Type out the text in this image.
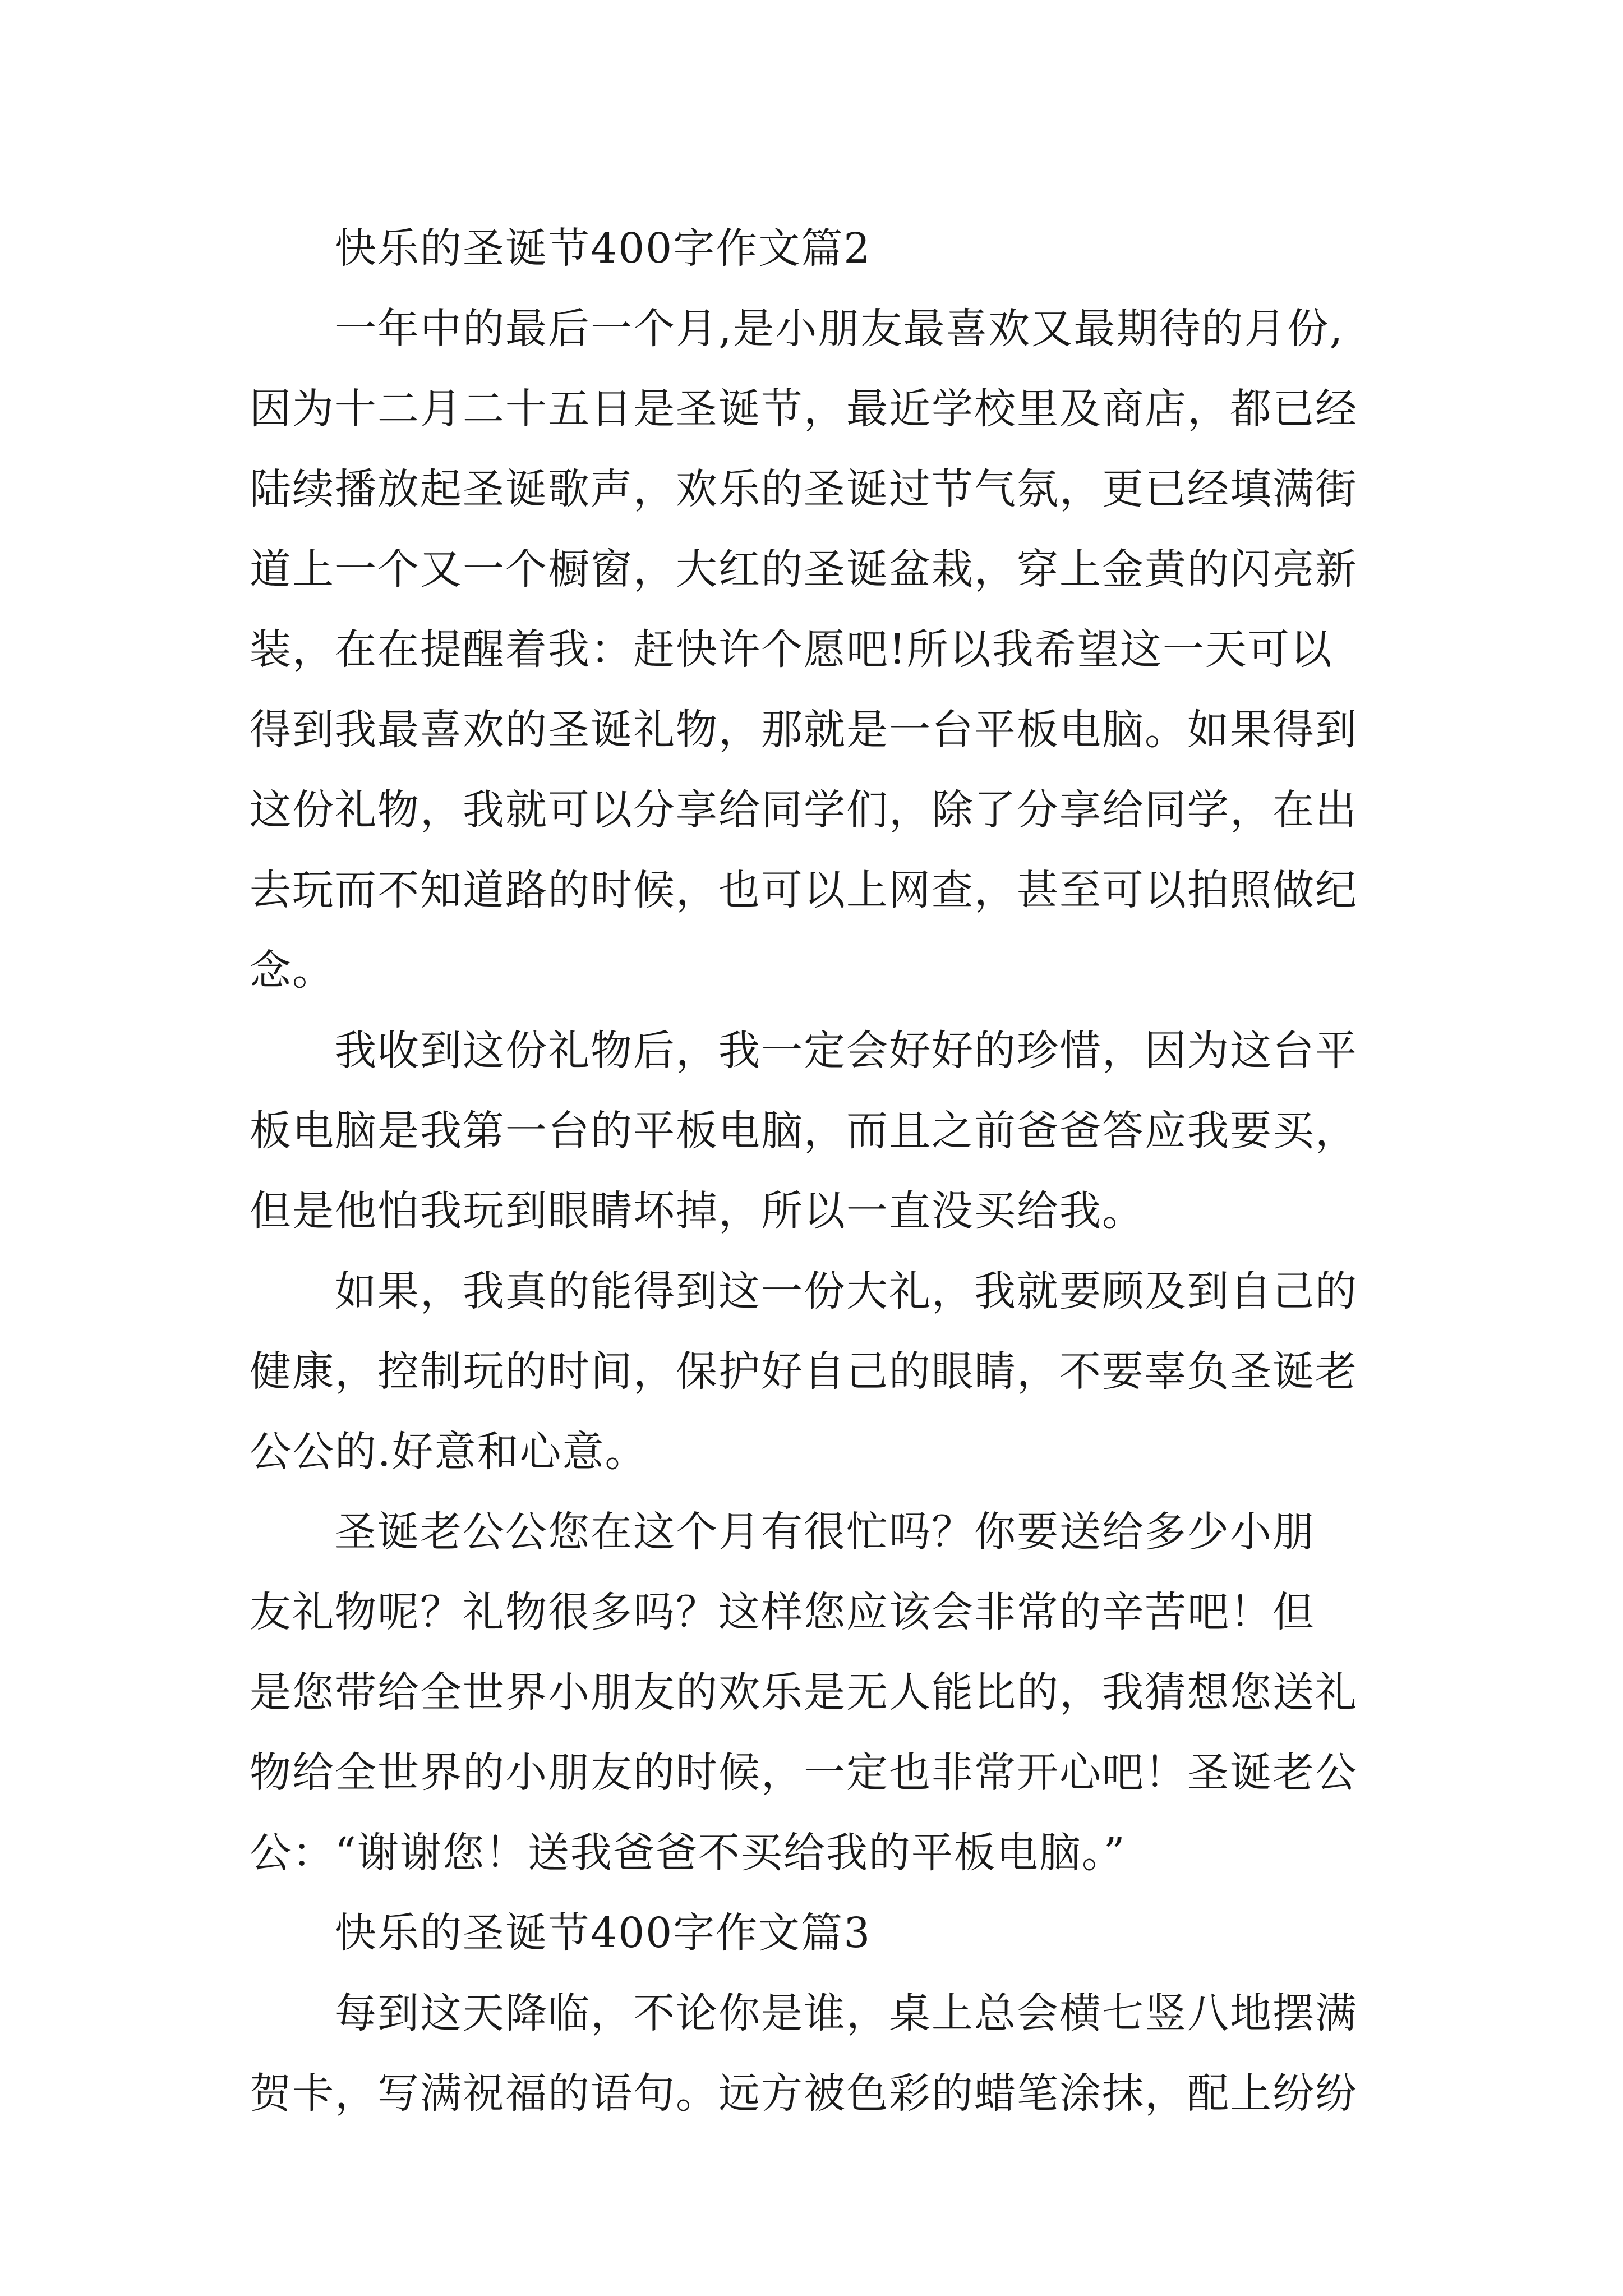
快乐的圣诞节400字作文篇2
一年中的最后一个月,是小朋友最喜欢又最期待的月份,
因为十二月二十五日是圣诞节，最近学校里及商店，都已经
陆续播放起圣诞歌声，欢乐的圣诞过节气氛，更已经填满街
道上一个又一个橱窗，大红的圣诞盆栽，穿上金黄的闪亮新
装，在在提醒着我：赶快许个愿吧!所以我希望这一天可以
得到我最喜欢的圣诞礼物，那就是一台平板电脑。如果得到
这份礼物，我就可以分享给同学们，除了分享给同学，在出
去玩而不知道路的时候，也可以上网查，甚至可以拍照做纪
念。
我收到这份礼物后，我一定会好好的珍惜，因为这台平
板电脑是我第一台的平板电脑，而且之前爸爸答应我要买，
但是他怕我玩到眼睛坏掉，所以一直没买给我。
如果，我真的能得到这一份大礼，我就要顾及到自己的
健康，控制玩的时间，保护好自己的眼睛，不要辜负圣诞老
公公的.好意和心意。
圣诞老公公您在这个月有很忙吗？你要送给多少小朋
友礼物呢？礼物很多吗？这样您应该会非常的辛苦吧！但
是您带给全世界小朋友的欢乐是无人能比的，我猜想您送礼
物给全世界的小朋友的时候，一定也非常开心吧！圣诞老公
公：“谢谢您！送我爸爸不买给我的平板电脑。”
快乐的圣诞节400字作文篇3
每到这天降临，不论你是谁，桌上总会横七竖八地摆满
贺卡，写满祝福的语句。远方被色彩的蜡笔涂抹，配上纷纷
